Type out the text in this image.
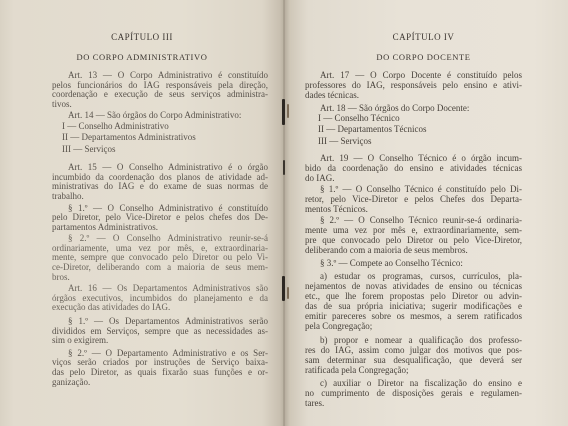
CAPÍTULO III
DO CORPO ADMINISTRATIVO
Art. 13 — O Corpo Administrativo é constituído
pelos funcionários do IAG responsáveis pela direção,
coordenação e execução de seus serviços administra-
tivos.
Art. 14 — São órgãos do Corpo Administrativo:
I — Conselho Administrativo
II — Departamentos Administrativos
III — Serviços
Art. 15 — O Conselho Administrativo é o órgão
incumbido da coordenação dos planos de atividade ad-
ministrativas do IAG e do exame de suas normas de
trabalho.
§ 1.º — O Conselho Administrativo é constituído
pelo Diretor, pelo Vice-Diretor e pelos chefes dos De-
partamentos Administrativos.
§ 2.º — O Conselho Administrativo reunir-se-á
ordinariamente, uma vez por mês, e, extraordinaria-
mente, sempre que convocado pelo Diretor ou pelo Vi-
ce-Diretor, deliberando com a maioria de seus mem-
bros.
Art. 16 — Os Departamentos Administrativos são
órgãos executivos, incumbidos do planejamento e da
execução das atividades do IAG.
§ 1.º — Os Departamentos Administrativos serão
divididos em Serviços, sempre que as necessidades as-
sim o exigirem.
§ 2.º — O Departamento Administrativo e os Ser-
viços serão criados por instruções de Serviço baixa-
das pelo Diretor, as quais fixarão suas funções e or-
ganização.
CAPÍTULO IV
DO CORPO DOCENTE
Art. 17 — O Corpo Docente é constituído pelos
professores do IAG, responsáveis pelo ensino e ativi-
dades técnicas.
Art. 18 — São órgãos do Corpo Docente:
I — Conselho Técnico
II — Departamentos Técnicos
III — Serviços
Art. 19 — O Conselho Técnico é o órgão incum-
bido da coordenação do ensino e atividades técnicas
do IAG.
§ 1.º — O Conselho Técnico é constituído pelo Di-
retor, pelo Vice-Diretor e pelos Chefes dos Departa-
mentos Técnicos.
§ 2.º — O Conselho Técnico reunir-se-á ordinaria-
mente uma vez por mês e, extraordinariamente, sem-
pre que convocado pelo Diretor ou pelo Vice-Diretor,
deliberando com a maioria de seus membros.
§ 3.º — Compete ao Conselho Técnico:
a) estudar os programas, cursos, currículos, pla-
nejamentos de novas atividades de ensino ou técnicas
etc., que lhe forem propostas pelo Diretor ou advin-
das de sua própria iniciativa; sugerir modificações e
emitir pareceres sobre os mesmos, a serem ratificados
pela Congregação;
b) propor e nomear a qualificação dos professo-
res do IAG, assim como julgar dos motivos que pos-
sam determinar sua desqualificação, que deverá ser
ratificada pela Congregação;
c) auxiliar o Diretor na fiscalização do ensino e
no cumprimento de disposições gerais e regulamen-
tares.
